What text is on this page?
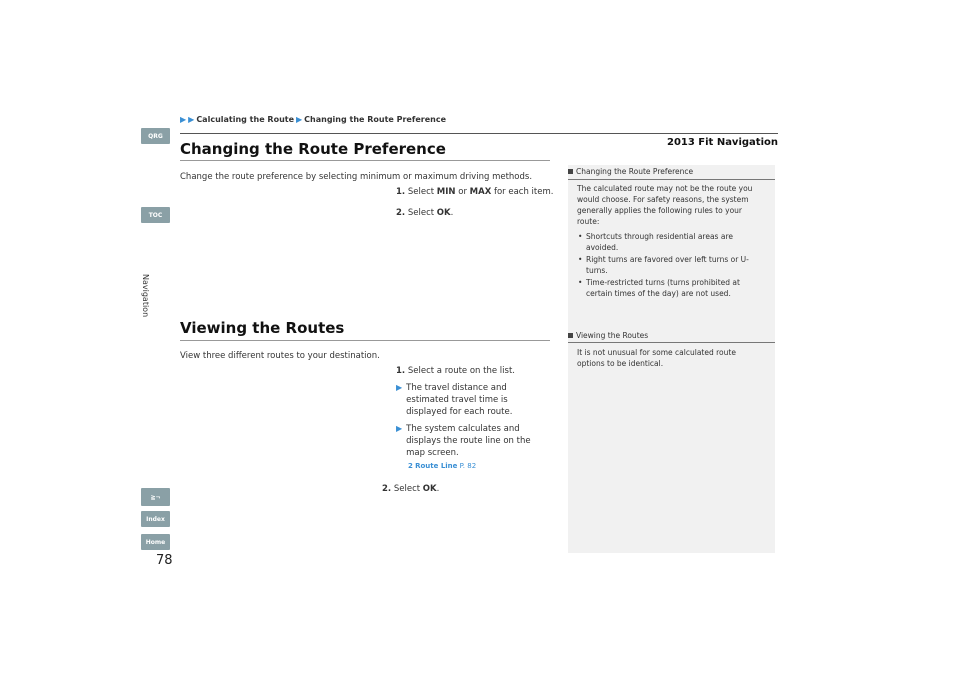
▶ ▶ Calculating the Route ▶ Changing the Route Preference
2013 Fit Navigation
QRG
TOC
Navigation
≧¬
Index
Home
Changing the Route Preference
Change the route preference by selecting minimum or maximum driving methods.
1. Select MIN or MAX for each item.
2. Select OK.
Viewing the Routes
View three different routes to your destination.
1. Select a route on the list.
▶ The travel distance and
estimated travel time is
displayed for each route.
▶ The system calculates and
displays the route line on the
map screen.
2 Route Line P. 82
2. Select OK.
Changing the Route Preference
The calculated route may not be the route you
would choose. For safety reasons, the system
generally applies the following rules to your
route:
• Shortcuts through residential areas are avoided.
• Right turns are favored over left turns or U-turns.
• Time-restricted turns (turns prohibited at certain times of the day) are not used.
Viewing the Routes
It is not unusual for some calculated route
options to be identical.
78
